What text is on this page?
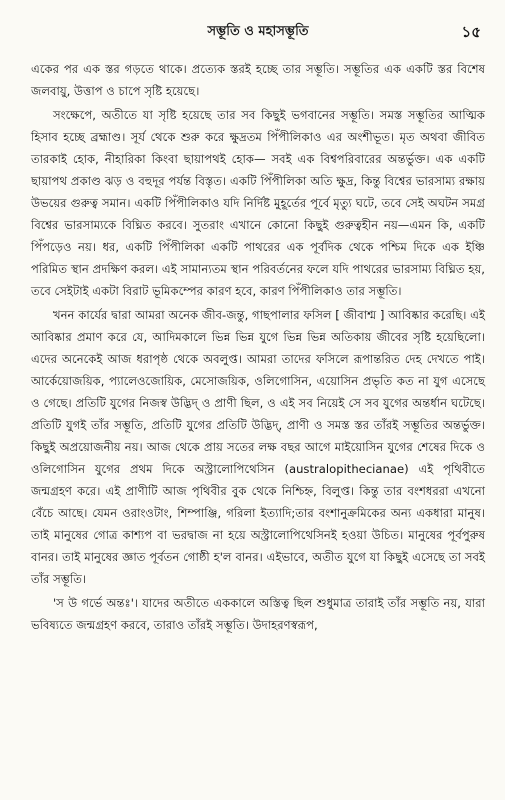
সম্ভূতি ও মহাসম্ভূতি	১৫

একের পর এক স্তর গড়তে থাকে। প্রত্যেক স্তরই হচ্ছে তার সম্ভূতি। সম্ভূতির এক একটি স্তর বিশেষ জলবায়ু, উত্তাপ ও চাপে সৃষ্টি হয়েছে।

সংক্ষেপে, অতীতে যা সৃষ্টি হয়েছে তার সব কিছুই ভগবানের সম্ভূতি। সমস্ত সম্ভূতির আত্মিক হিসাব হচ্ছে ব্রহ্মাণ্ড। সূর্য থেকে শুরু করে ক্ষুদ্রতম পিঁপীলিকাও এর অংশীভূত। মৃত অথবা জীবিত তারকাই হোক, নীহারিকা কিংবা ছায়াপথই হোক— সবই এক বিশ্বপরিবারের অন্তর্ভুক্ত। এক একটি ছায়াপথ প্রকাণ্ড ঝড় ও বহুদূর পর্যন্ত বিস্তৃত। একটি পিঁপীলিকা অতি ক্ষুদ্র, কিন্তু বিশ্বের ভারসাম্য রক্ষায় উভয়ের গুরুত্ব সমান। একটি পিঁপীলিকাও যদি নির্দিষ্ট মুহূর্তের পূর্বে মৃত্যু ঘটে, তবে সেই অঘটন সমগ্র বিশ্বের ভারসাম্যকে বিঘ্নিত করবে। সুতরাং এখানে কোনো কিছুই গুরুত্বহীন নয়—এমন কি, একটি পিঁপড়েও নয়। ধর, একটি পিঁপীলিকা একটি পাথরের এক পূর্বদিক থেকে পশ্চিম দিকে এক ইঞ্চি পরিমিত স্থান প্রদক্ষিণ করল। এই সামান্যতম স্থান পরিবর্তনের ফলে যদি পাথরের ভারসাম্য বিঘ্নিত হয়, তবে সেইটাই একটা বিরাট ভূমিকম্পের কারণ হবে, কারণ পিঁপীলিকাও তার সম্ভূতি।

খনন কার্যের দ্বারা আমরা অনেক জীব-জন্তু, গাছপালার ফসিল [ জীবাশ্ম ] আবিষ্কার করেছি। এই আবিষ্কার প্রমাণ করে যে, আদিমকালে ভিন্ন ভিন্ন যুগে ভিন্ন ভিন্ন অতিকায় জীবের সৃষ্টি হয়েছিলো। এদের অনেকেই আজ ধরাপৃষ্ঠ থেকে অবলুপ্ত। আমরা তাদের ফসিলে রূপান্তরিত দেহ দেখতে পাই। আর্কেয়োজয়িক, প্যালেওজোয়িক, মেসোজয়িক, ওলিগোসিন, এয়োসিন প্রভৃতি কত না যুগ এসেছে ও গেছে। প্রতিটি যুগের নিজস্ব উদ্ভিদ্ ও প্রাণী ছিল, ও এই সব নিয়েই সে সব যুগের অন্তর্ধান ঘটেছে। প্রতিটি যুগই তাঁর সম্ভূতি, প্রতিটি যুগের প্রতিটি উদ্ভিদ্, প্রাণী ও সমস্ত স্তর তাঁরই সম্ভূতির অন্তর্ভুক্ত। কিছুই অপ্রয়োজনীয় নয়। আজ থেকে প্রায় সতের লক্ষ বছর আগে মাইয়োসিন যুগের শেষের দিকে ও ওলিগোসিন যুগের প্রথম দিকে অস্ট্রালোপিথেসিন (australopithecianae) এই পৃথিবীতে জন্মগ্রহণ করে। এই প্রাণীটি আজ পৃথিবীর বুক থেকে নিশ্চিহ্ন, বিলুপ্ত। কিন্তু তার বংশধররা এখনো বেঁচে আছে। যেমন ওরাংওটাং, শিম্পাঞ্জি, গরিলা ইত্যাদি;তার বংশানুক্রমিকের অন্য একধারা মানুষ। তাই মানুষের গোত্র কাশ্যপ বা ভরদ্বাজ না হয়ে অস্ট্রালোপিথেসিনই হওয়া উচিত। মানুষের পূর্বপুরুষ বানর। তাই মানুষের জ্ঞাত পূর্বতন গোষ্ঠী হ'ল বানর। এইভাবে, অতীত যুগে যা কিছুই এসেছে তা সবই তাঁর সম্ভূতি।

'স উ গর্ভে অন্তঃ'। যাদের অতীতে এককালে অস্তিত্ব ছিল শুধুমাত্র তারাই তাঁর সম্ভূতি নয়, যারা ভবিষ্যতে জন্মগ্রহণ করবে, তারাও তাঁরই সম্ভূতি। উদাহরণস্বরূপ,
